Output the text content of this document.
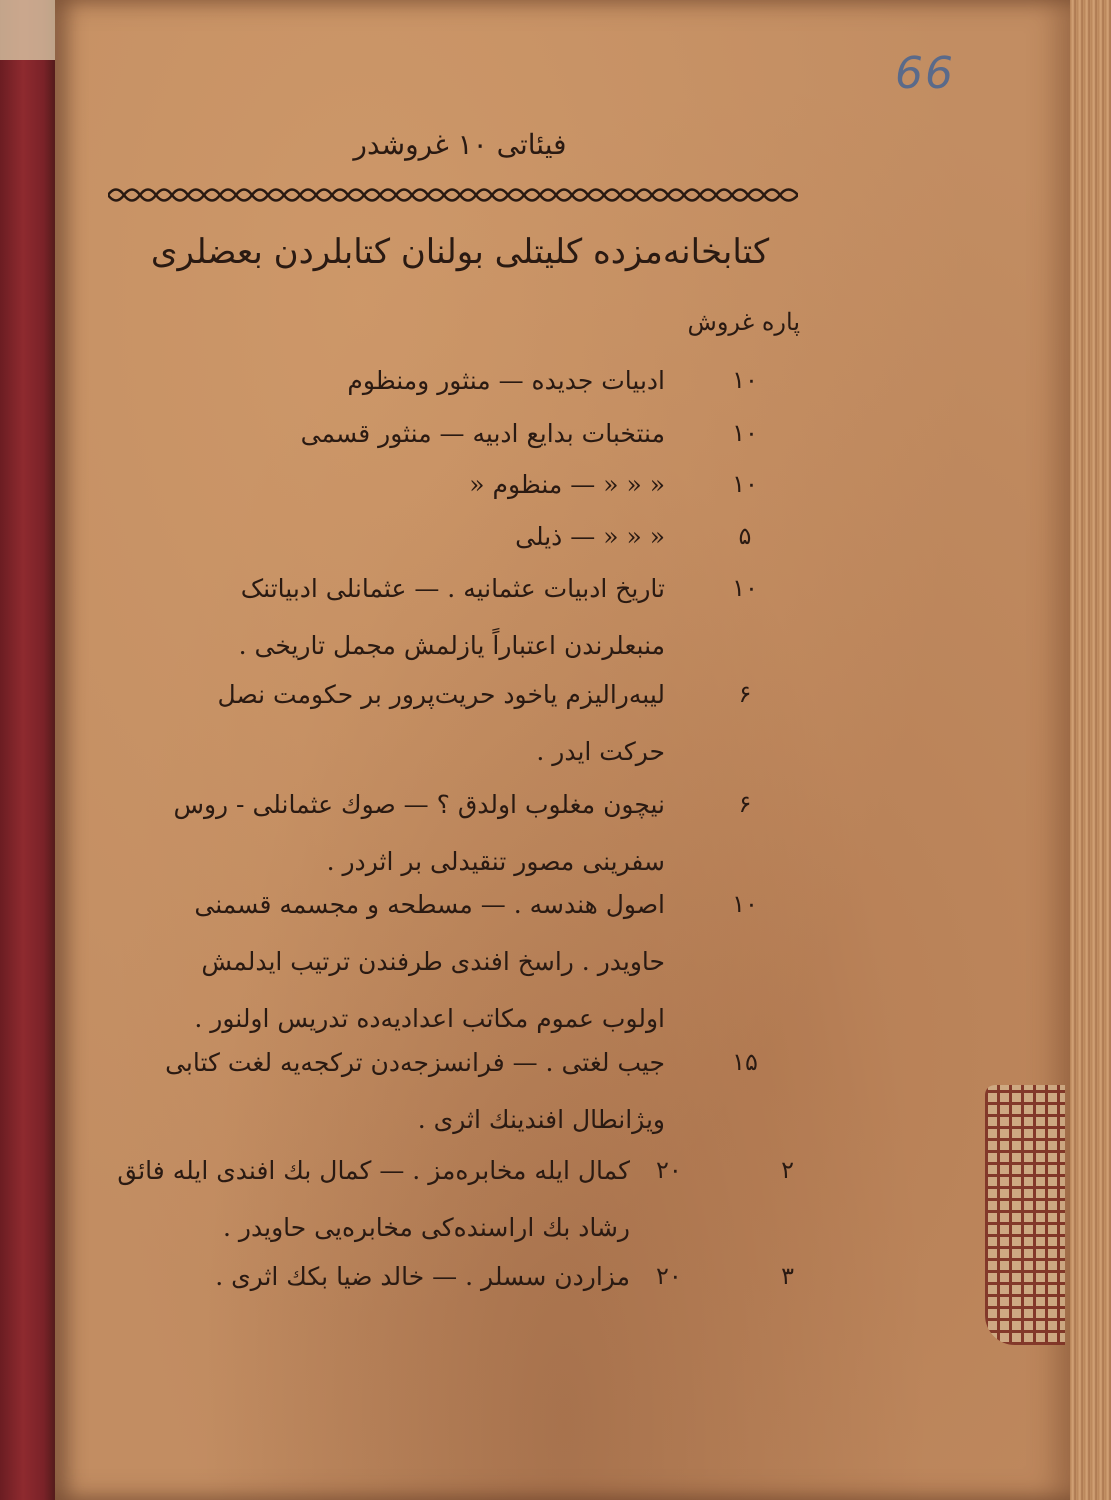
66
فیئاتی ۱۰ غروشدر
کتابخانه‌مزده کلیتلی بولنان کتابلردن بعضلری
پاره غروش
۱۰
ادبیات جدیده — منثور ومنظوم
۱۰
منتخبات بدایع ادبیه — منثور قسمی
۱۰
« « « — منظوم «
۵
« « « — ذیلی
۱۰
تاریخ ادبیات عثمانیه . — عثمانلی ادبیاتنک
منبعلرندن اعتباراً یازلمش مجمل تاریخی .
۶
لیبه‌رالیزم یاخود حریت‌پرور بر حکومت نصل
حرکت ایدر .
۶
نیچون مغلوب اولدق ؟ — صوك عثمانلی - روس
سفرینی مصور تنقیدلی بر اثردر .
۱۰
اصول هندسه . — مسطحه و مجسمه قسمنی
حاویدر . راسخ افندی طرفندن ترتیب ایدلمش
اولوب عموم مکاتب اعدادیه‌ده تدریس اولنور .
۱۵
جیب لغتی . — فرانسزجه‌دن ترکجه‌یه لغت کتابی
ویژانطال افندینك اثری .
۲
۲۰
کمال ایله مخابره‌مز . — کمال بك افندی ایله فائق
رشاد بك اراسنده‌کی مخابره‌یی حاویدر .
۳
۲۰
مزاردن سسلر . — خالد ضیا بکك اثری .
